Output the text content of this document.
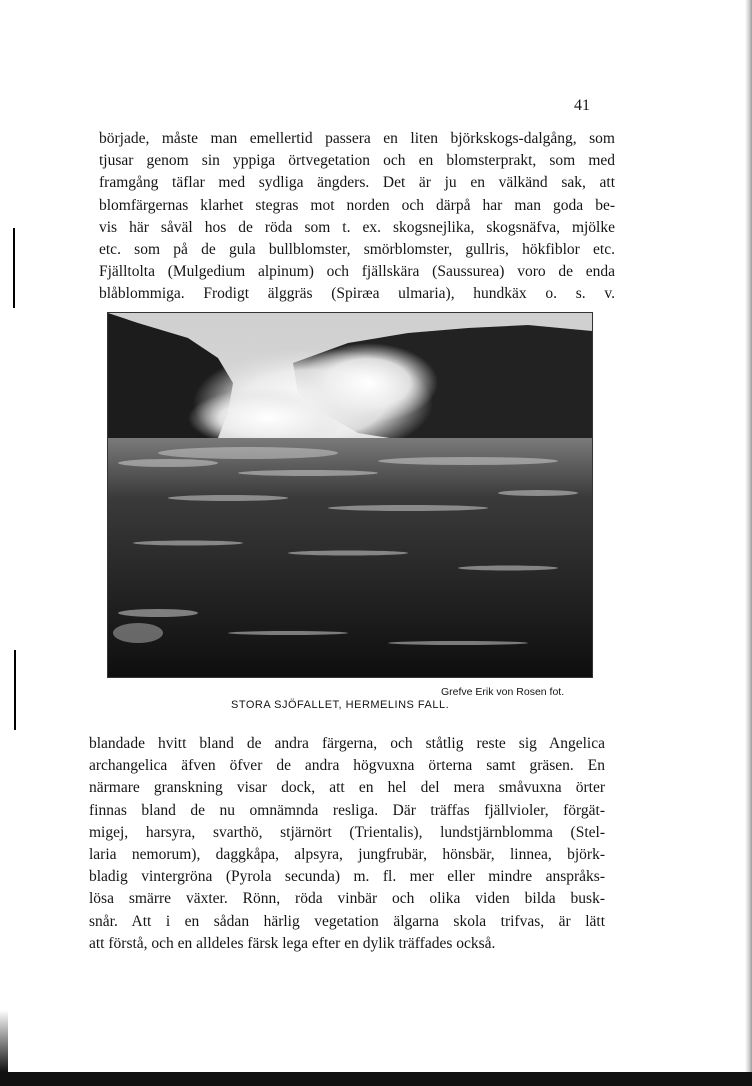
41
började, måste man emellertid passera en liten björkskogs-dalgång, som
tjusar genom sin yppiga örtvegetation och en blomsterprakt, som med
framgång täflar med sydliga ängders. Det är ju en välkänd sak, att
blomfärgernas klarhet stegras mot norden och därpå har man goda be-
vis här såväl hos de röda som t. ex. skogsnejlika, skogsnäfva, mjölke
etc. som på de gula bullblomster, smörblomster, gullris, hökfiblor etc.
Fjälltolta (Mulgedium alpinum) och fjällskära (Saussurea) voro de enda
blåblommiga. Frodigt älggräs (Spiræa ulmaria), hundkäx o. s. v.
Grefve Erik von Rosen fot.
STORA SJÖFALLET, HERMELINS FALL.
blandade hvitt bland de andra färgerna, och ståtlig reste sig Angelica
archangelica äfven öfver de andra högvuxna örterna samt gräsen. En
närmare granskning visar dock, att en hel del mera småvuxna örter
finnas bland de nu omnämnda resliga. Där träffas fjällvioler, förgät-
migej, harsyra, svarthö, stjärnört (Trientalis), lundstjärnblomma (Stel-
laria nemorum), daggkåpa, alpsyra, jungfrubär, hönsbär, linnea, björk-
bladig vintergröna (Pyrola secunda) m. fl. mer eller mindre anspråks-
lösa smärre växter. Rönn, röda vinbär och olika viden bilda busk-
snår. Att i en sådan härlig vegetation älgarna skola trifvas, är lätt
att förstå, och en alldeles färsk lega efter en dylik träffades också.
